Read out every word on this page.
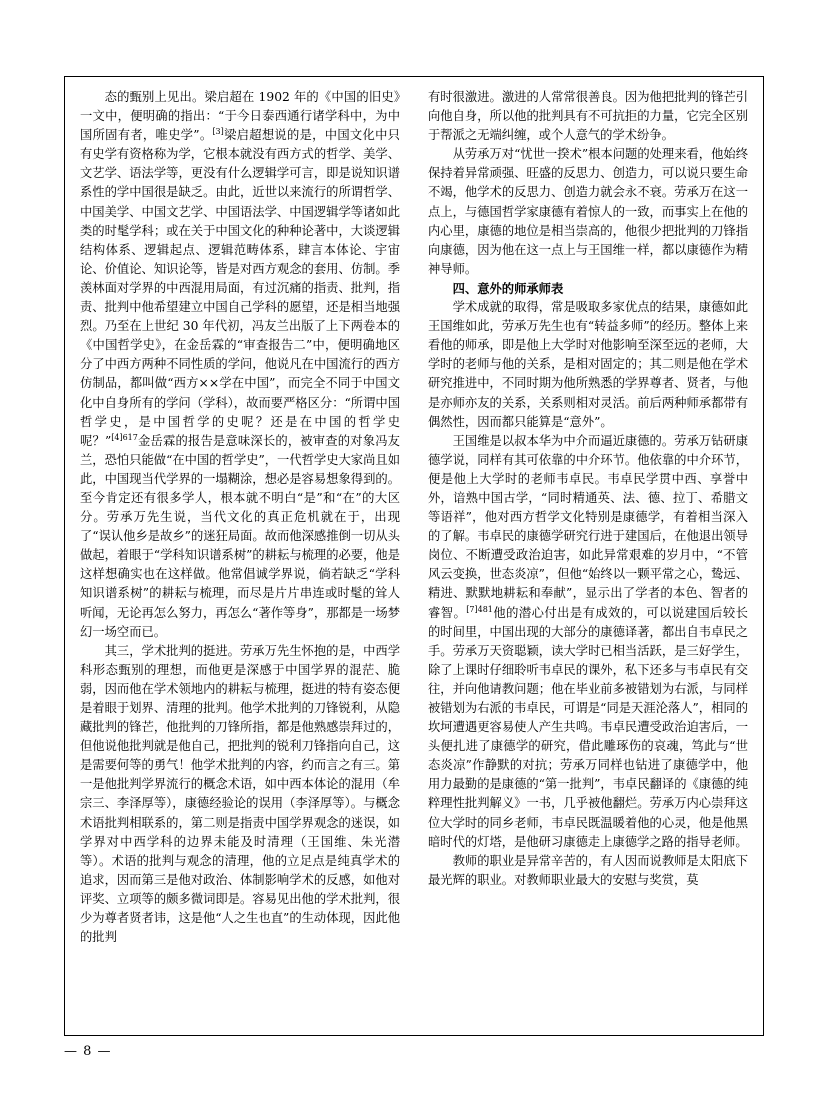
态的甄别上见出。梁启超在 1902 年的《中国的旧史》一文中，便明确的指出：“于今日泰西通行诸学科中，为中国所固有者，唯史学”。[3]梁启超想说的是，中国文化中只有史学有资格称为学，它根本就没有西方式的哲学、美学、文艺学、语法学等，更没有什么逻辑学可言，即是说知识谱系性的学中国很是缺乏。由此，近世以来流行的所谓哲学、中国美学、中国文艺学、中国语法学、中国逻辑学等诸如此类的时髦学科；或在关于中国文化的种种论著中，大谈逻辑结构体系、逻辑起点、逻辑范畴体系，肆言本体论、宇宙论、价值论、知识论等，皆是对西方观念的套用、仿制。季羡林面对学界的中西混用局面，有过沉痛的指责、批判，指责、批判中他希望建立中国自己学科的愿望，还是相当地强烈。乃至在上世纪 30 年代初，冯友兰出版了上下两卷本的《中国哲学史》，在金岳霖的“审查报告二”中，便明确地区分了中西方两种不同性质的学问，他说凡在中国流行的西方仿制品，都叫做“西方××学在中国”，而完全不同于中国文化中自身所有的学问（学科），故而要严格区分：“所谓中国哲学史，是中国哲学的史呢？还是在中国的哲学史呢？”$^{[4]617}$金岳霖的报告是意味深长的，被审查的对象冯友兰，恐怕只能做“在中国的哲学史”，一代哲学史大家尚且如此，中国现当代学界的一塌糊涂，想必是容易想象得到的。至今肯定还有很多学人，根本就不明白“是”和“在”的大区分。劳承万先生说，当代文化的真正危机就在于，出现了“误认他乡是故乡”的迷狂局面。故而他深感推倒一切从头做起，着眼于“学科知识谱系树”的耕耘与梳理的必要，他是这样想确实也在这样做。他常倡诚学界说，倘若缺乏“学科知识谱系树”的耕耘与梳理，而尽是片片串连或时髦的耸人听闻，无论再怎么努力，再怎么“著作等身”，那都是一场梦幻一场空而已。

其三，学术批判的挺进。劳承万先生怀抱的是，中西学科形态甄别的理想，而他更是深感于中国学界的混茫、脆弱，因而他在学术领地内的耕耘与梳理，挺进的特有姿态便是着眼于划界、清理的批判。他学术批判的刀锋锐利，从隐藏批判的锋芒，他批判的刀锋所指，都是他熟感崇拜过的，但他说他批判就是他自己，把批判的锐利刀锋指向自己，这是需要何等的勇气！他学术批判的内容，约而言之有三。第一是他批判学界流行的概念术语，如中西本体论的混用（牟宗三、李泽厚等），康德经验论的误用（李泽厚等）。与概念术语批判相联系的，第二则是指责中国学界观念的迷误，如学界对中西学科的边界未能及时清理（王国维、朱光潜等）。术语的批判与观念的清理，他的立足点是纯真学术的追求，因而第三是他对政治、体制影响学术的反感，如他对评奖、立项等的颇多微词即是。容易见出他的学术批判，很少为尊者贤者讳，这是他“人之生也直”的生动体现，因此他的批判

有时很激进。激进的人常常很善良。因为他把批判的锋芒引向他自身，所以他的批判具有不可抗拒的力量，它完全区别于帮派之无端纠缠，或个人意气的学术纷争。

从劳承万对“忧世一揆术”根本问题的处理来看，他始终保持着异常顽强、旺盛的反思力、创造力，可以说只要生命不竭，他学术的反思力、创造力就会永不衰。劳承万在这一点上，与德国哲学家康德有着惊人的一致，而事实上在他的内心里，康德的地位是相当崇高的，他很少把批判的刀锋指向康德，因为他在这一点上与王国维一样，都以康德作为精神导师。

四、意外的师承师表

学术成就的取得，常是吸取多家优点的结果，康德如此王国维如此，劳承万先生也有“转益多师”的经历。整体上来看他的师承，即是他上大学时对他影响至深至远的老师，大学时的老师与他的关系，是相对固定的；其二则是他在学术研究推进中，不同时期为他所熟悉的学界尊者、贤者，与他是亦师亦友的关系，关系则相对灵活。前后两种师承都带有偶然性，因而都只能算是“意外”。

王国维是以叔本华为中介而逼近康德的。劳承万钻研康德学说，同样有其可依靠的中介环节。他依靠的中介环节，便是他上大学时的老师韦卓民。韦卓民学贯中西、享誉中外，谙熟中国古学，“同时精通英、法、德、拉丁、希腊文等语祥”，他对西方哲学文化特别是康德学，有着相当深入的了解。韦卓民的康德学研究行进于建国后，在他退出领导岗位、不断遭受政治迫害，如此异常艰难的岁月中，“不管风云变换，世态炎凉”，但他“始终以一颗平常之心，鸷远、精进、默默地耕耘和奉献”，显示出了学者的本色、智者的睿智。$^{[7]481}$他的潜心付出是有成效的，可以说建国后较长的时间里，中国出现的大部分的康德译著，都出自韦卓民之手。劳承万天资聪颖，读大学时已相当活跃，是三好学生，除了上课时仔细聆听韦卓民的课外，私下还多与韦卓民有交往，并向他请教问题；他在毕业前多被错划为右派，与同样被错划为右派的韦卓民，可谓是“同是天涯沦落人”，相同的坎坷遭遇更容易使人产生共鸣。韦卓民遭受政治迫害后，一头便扎进了康德学的研究，借此雕琢伤的哀魂，笃此与“世态炎凉”作静默的对抗；劳承万同样也钻进了康德学中，他用力最勤的是康德的“第一批判”，韦卓民翻译的《康德的纯粹理性批判解义》一书，几乎被他翻烂。劳承万内心崇拜这位大学时的同乡老师，韦卓民既温暖着他的心灵，他是他黑暗时代的灯塔，是他研习康德走上康德学之路的指导老师。

教师的职业是异常辛苦的，有人因而说教师是太阳底下最光辉的职业。对教师职业最大的安慰与奖赏，莫

— 8 —
